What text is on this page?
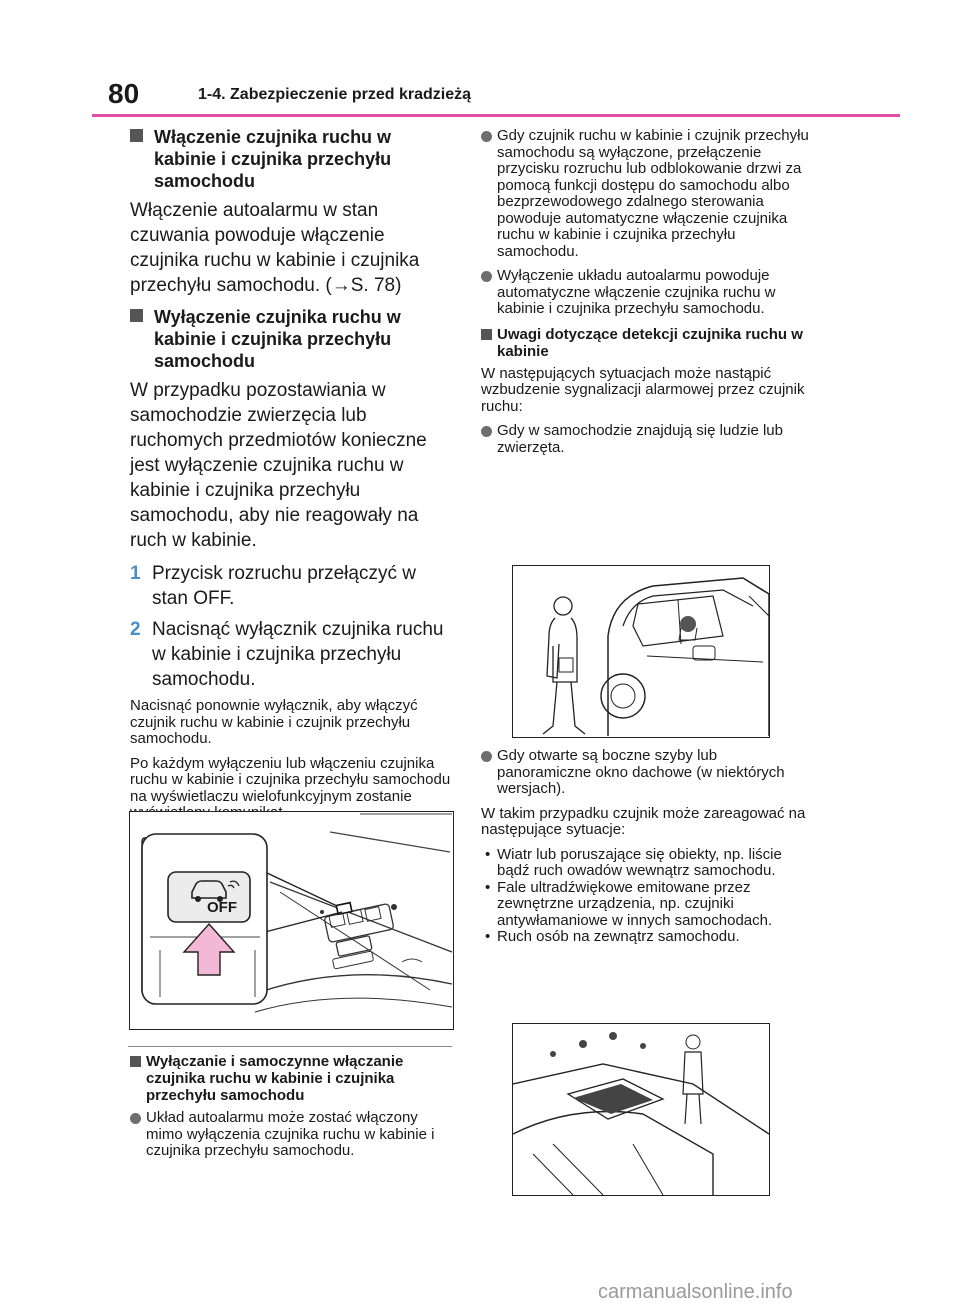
80	1-4. Zabezpieczenie przed kradzieżą
Włączenie czujnika ruchu w kabinie i czujnika przechyłu samochodu

Włączenie autoalarmu w stan czuwania powoduje włączenie czujnika ruchu w kabinie i czujnika przechyłu samochodu. (→S. 78)

Wyłączenie czujnika ruchu w kabinie i czujnika przechyłu samochodu

W przypadku pozostawiania w samochodzie zwierzęcia lub ruchomych przedmiotów konieczne jest wyłączenie czujnika ruchu w kabinie i czujnika przechyłu samochodu, aby nie reagowały na ruch w kabinie.

1 Przycisk rozruchu przełączyć w stan OFF.
2 Nacisnąć wyłącznik czujnika ruchu w kabinie i czujnika przechyłu samochodu.

Nacisnąć ponownie wyłącznik, aby włączyć czujnik ruchu w kabinie i czujnik przechyłu samochodu.

Po każdym wyłączeniu lub włączeniu czujnika ruchu w kabinie i czujnika przechyłu samochodu na wyświetlaczu wielofunkcyjnym zostanie

OFF
Wyłączanie i samoczynne włączanie czujnika ruchu w kabinie i czujnika przechyłu samochodu
Układ autoalarmu może zostać włączony mimo wyłączenia czujnika ruchu w kabinie i czujnika przechyłu samochodu.
Gdy czujnik ruchu w kabinie i czujnik przechyłu samochodu są wyłączone, przełączenie przycisku rozruchu lub odblokowanie drzwi za pomocą funkcji dostępu do samochodu albo bezprzewodowego zdalnego sterowania powoduje automatyczne włączenie czujnika ruchu w kabinie i czujnika przechyłu samochodu.
Wyłączenie układu autoalarmu powoduje automatyczne włączenie czujnika ruchu w kabinie i czujnika przechyłu samochodu.
Uwagi dotyczące detekcji czujnika ruchu w kabinie

W następujących sytuacjach może nastąpić wzbudzenie sygnalizacji alarmowej przez czujnik ruchu:

Gdy w samochodzie znajdują się ludzie lub zwierzęta.
Gdy otwarte są boczne szyby lub panoramiczne okno dachowe (w niektórych wersjach).

W takim przypadku czujnik może zareagować na następujące sytuacje:

• Wiatr lub poruszające się obiekty, np. liście bądź ruch owadów wewnątrz samochodu.
• Fale ultradźwiękowe emitowane przez zewnętrzne urządzenia, np. czujniki antywłamaniowe w innych samochodach.
• Ruch osób na zewnątrz samochodu.
carmanualsonline.info
